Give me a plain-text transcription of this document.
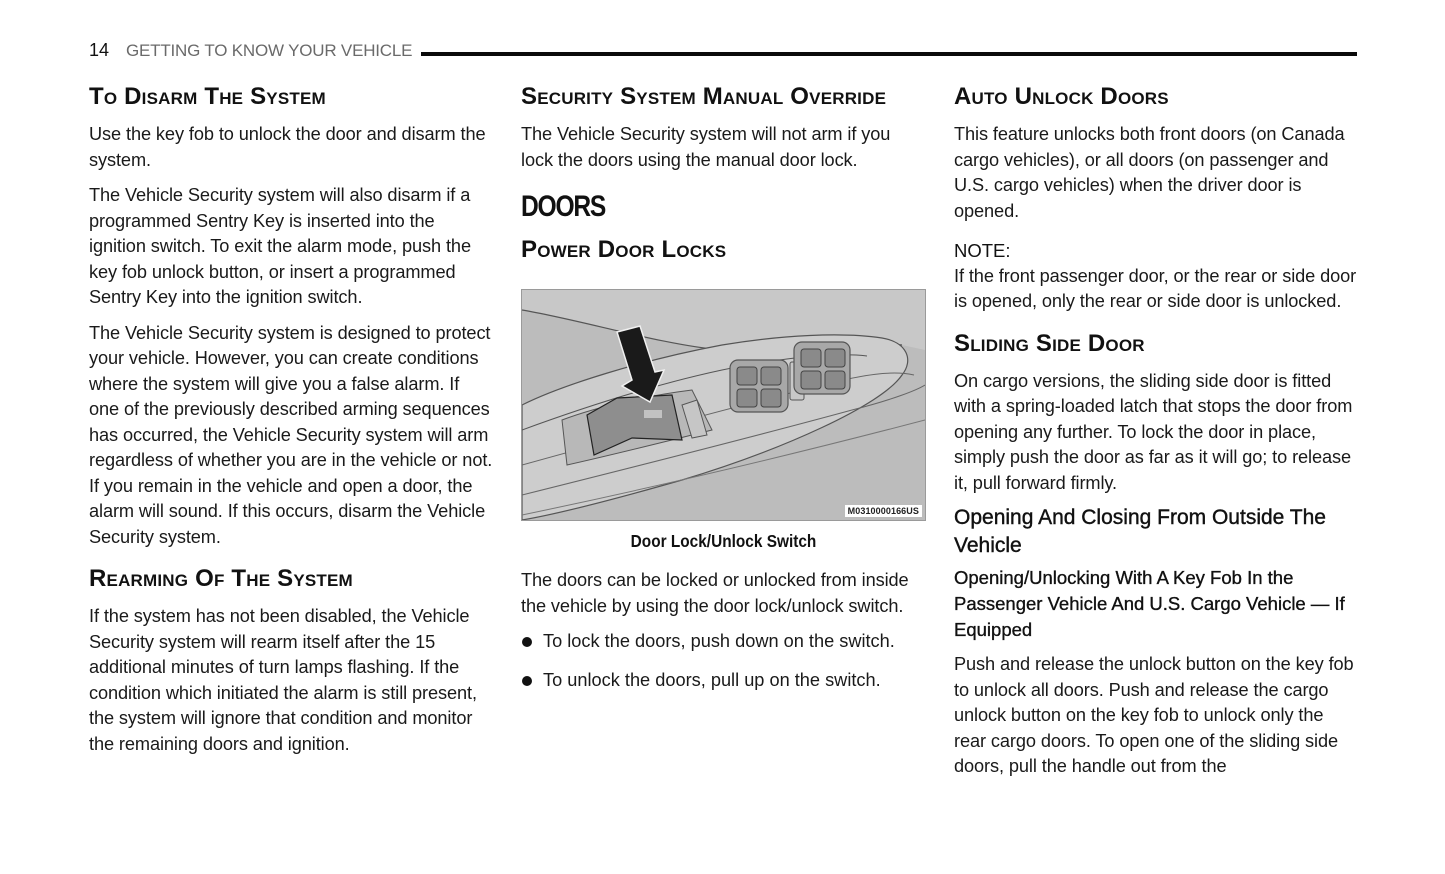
14 GETTING TO KNOW YOUR VEHICLE
To Disarm The System

Use the key fob to unlock the door and disarm the system.

The Vehicle Security system will also disarm if a programmed Sentry Key is inserted into the ignition switch. To exit the alarm mode, push the key fob unlock button, or insert a programmed Sentry Key into the ignition switch.

The Vehicle Security system is designed to protect your vehicle. However, you can create conditions where the system will give you a false alarm. If one of the previously described arming sequences has occurred, the Vehicle Security system will arm regardless of whether you are in the vehicle or not. If you remain in the vehicle and open a door, the alarm will sound. If this occurs, disarm the Vehicle Security system.

Rearming Of The System

If the system has not been disabled, the Vehicle Security system will rearm itself after the 15 additional minutes of turn lamps flashing. If the condition which initiated the alarm is still present, the system will ignore that condition and monitor the remaining doors and ignition.

Security System Manual Override

The Vehicle Security system will not arm if you lock the doors using the manual door lock.

DOORS
Power Door Locks
M0310000166US
Door Lock/Unlock Switch

The doors can be locked or unlocked from inside the vehicle by using the door lock/unlock switch.

To lock the doors, push down on the switch.
To unlock the doors, pull up on the switch.
Auto Unlock Doors

This feature unlocks both front doors (on Canada cargo vehicles), or all doors (on passenger and U.S. cargo vehicles) when the driver door is opened.

NOTE:

If the front passenger door, or the rear or side door is opened, only the rear or side door is unlocked.

Sliding Side Door

On cargo versions, the sliding side door is fitted with a spring-loaded latch that stops the door from opening any further. To lock the door in place, simply push the door as far as it will go; to release it, pull forward firmly.

Opening And Closing From Outside The Vehicle
Opening/Unlocking With A Key Fob In the Passenger Vehicle And U.S. Cargo Vehicle — If Equipped

Push and release the unlock button on the key fob to unlock all doors. Push and release the cargo unlock button on the key fob to unlock only the rear cargo doors. To open one of the sliding side doors, pull the handle out from the
